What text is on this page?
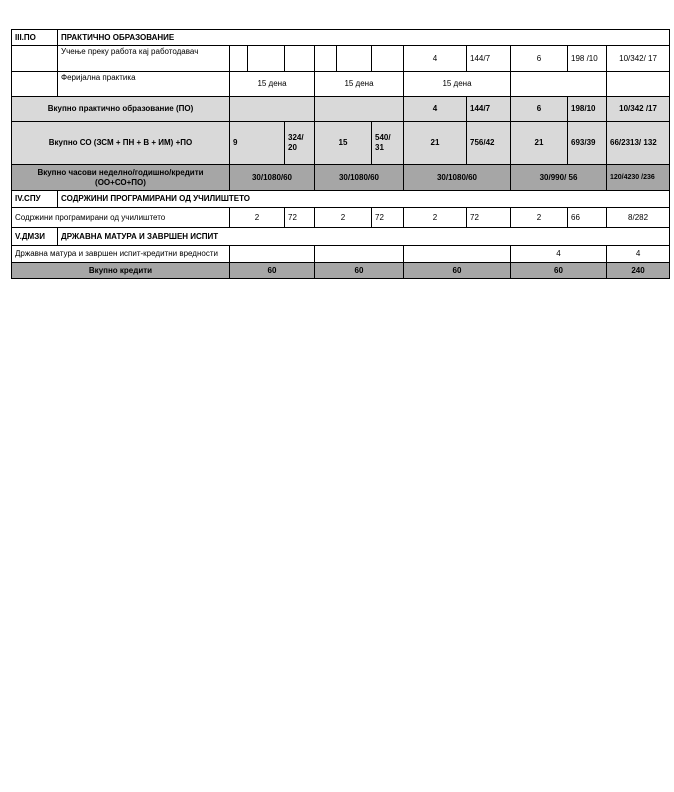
III.ПО	ПРАКТИЧНО ОБРАЗОВАНИЕ											
	Учење преку работа кај работодавач							4	144/7	6	198 /10	10/342/ 17
	Феријална практика	15 дена			15 дена			15 дена				
Вкупно практично образование (ПО)								4	144/7	6	198/10	10/342 /17
Вкупно СО (ЗСМ + ПН + В + ИМ) +ПО		9		324/ 20	15		540/ 31	21	756/42	21	693/39	66/2313/ 132
Вкупно часови неделно/годишно/кредити (ОО+СО+ПО)		30/1080/60			30/1080/60			30/1080/60		30/990/ 56		120/4230 /236
IV.СПУ	СОДРЖИНИ ПРОГРАМИРАНИ ОД УЧИЛИШТЕТО											
Содржини програмирани од училиштето		2		72	2		72	2	72	2	66	8/282
V.ДМЗИ	ДРЖАВНА МАТУРА И ЗАВРШЕН ИСПИТ											
Државна матура и завршен испит-кредитни вредности										4		4
Вкупно кредити		60			60			60		60		240
